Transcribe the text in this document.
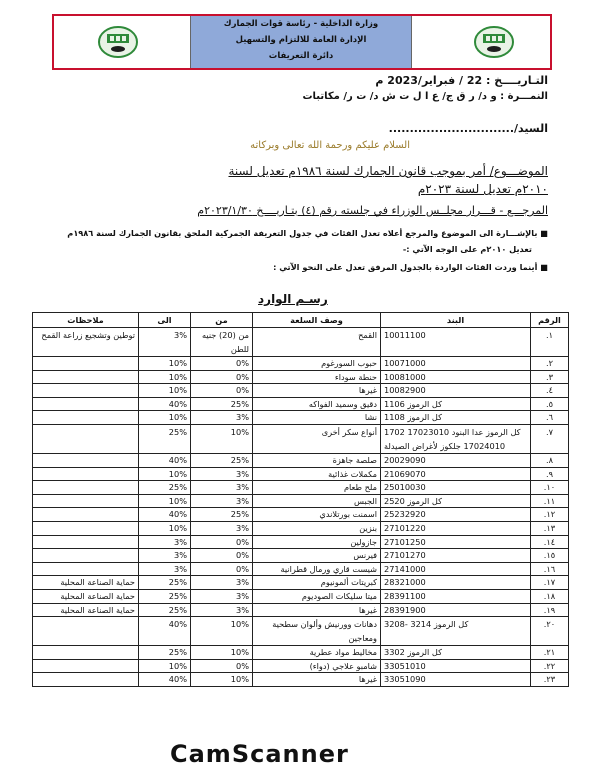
وزارة الداخلية - رئاسة قوات الجمارك
الإدارة العامة للالتزام والتسهيل
دائرة التعريفات
التـاريــــخ : 22 / فبراير/2023 م
النمـــرة : و د/ ر ق ج/ ع ا ل ت ش د/ ت ر/ مكاتبات
السيد/..............................
السلام عليكم ورحمة الله تعالى وبركاته
الموضـــوع/ أمر بموجب قانون الجمارك لسنة ١٩٨٦م تعديل لسنة
٢٠١٠م تعديل لسنة ٢٠٢٣م
المرجـــع - قـــرار مجلــس الوزراء في جلسته رقم (٤) بتـاريــــخ ٢٠٢٣/١/٣٠م
■ بالإشـــارة الى الموضوع والمرجع أعلاه تعدل الفئات في جدول التعريفة الجمركية الملحق بقانون الجمارك لسنة ١٩٨٦م
تعديل ٢٠١٠م على الوجه الآتي :-
■ أينما وردت الفئات الواردة بالجدول المرفق تعدل على النحو الآتي :
رسـم الوارد
الرقم	البند	وصف السلعة	من	الى	ملاحظات
١.	10011100	القمح	من (20) جنيه للطن	3%	توطين وتشجيع زراعة القمح
٢.	10071000	حبوب السورغوم	0%	10%	
٣.	10081000	حنطة سوداء	0%	10%	
٤.	10082900	غيرها	0%	10%	
٥.	1106 كل الرموز	دقيق وسميد الفواكه	25%	40%	
٦.	1108 كل الرموز	نشا	3%	10%	
٧.	1702 كل الرموز عدا البنود 17023010 17024010 جلكوز لأغراض الصيدلة	أنواع سكر أخرى	10%	25%	
٨.	20029090	صلصة جاهزة	25%	40%	
٩.	21069070	مكملات غذائية	3%	10%	
١٠.	25010030	ملح طعام	3%	25%	
١١.	2520 كل الرموز	الجبس	3%	10%	
١٢.	25232920	اسمنت بورتلاندي	25%	40%	
١٣.	27101220	بنزين	3%	10%	
١٤.	27101250	جازولين	0%	3%	
١٥.	27101270	فيرنس	0%	3%	
١٦.	27141000	شيست قاري ورمال قطرانية	0%	3%	
١٧.	28321000	كبريتات ألمونيوم	3%	25%	حماية الصناعة المحلية
١٨.	28391100	ميتا سليكات الصوديوم	3%	25%	حماية الصناعة المحلية
١٩.	28391900	غيرها	3%	25%	حماية الصناعة المحلية
٢٠.	3208- 3214 كل الرموز	دهانات وورنيش وألوان سطحية ومعاجين	10%	40%	
٢١.	3302 كل الرموز	مخاليط مواد عطرية	10%	25%	
٢٢.	33051010	شامبو علاجي (دواء)	0%	10%	
٢٣.	33051090	غيرها	10%	40%	
CamScanner
